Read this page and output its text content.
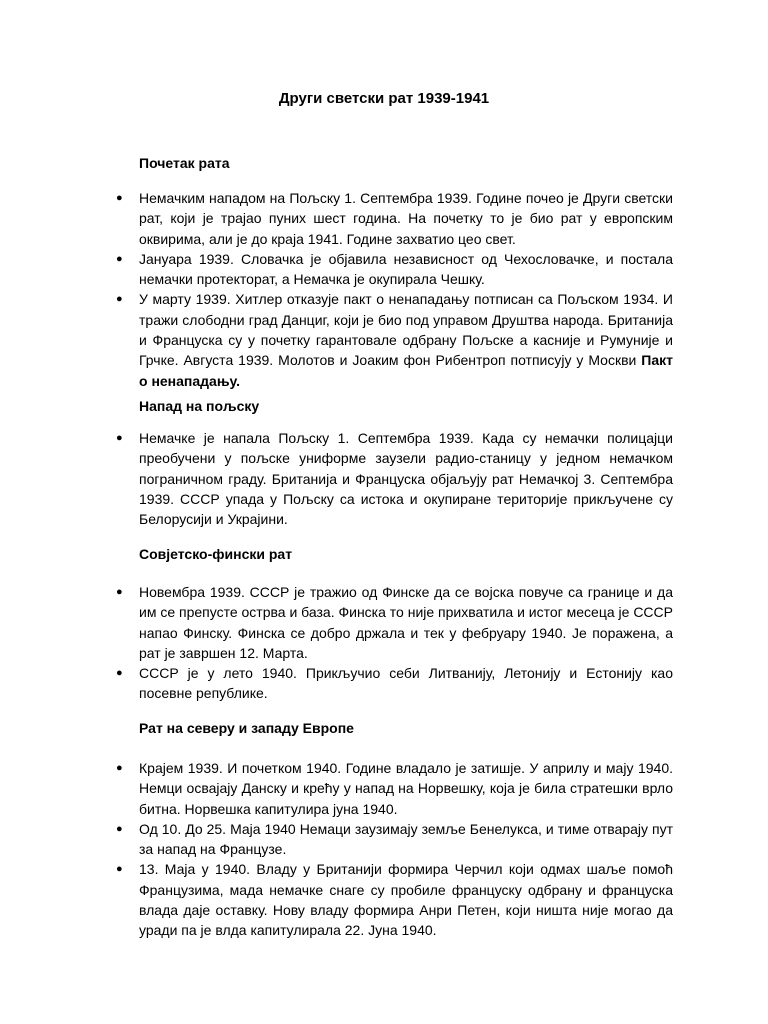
Други светски рат 1939-1941
Почетак рата
● Немачким нападом на Пољску 1. Септембра 1939. Године почео је Други светски рат, који је трајао пуних шест година. На почетку то је био рат у европским оквирима, али је до краја 1941. Године захватио цео свет.
● Јануара 1939. Словачка је објавила независност од Чехословачке, и постала немачки протекторат, а Немачка је окупирала Чешку.
● У марту 1939. Хитлер отказује пакт о ненападању потписан са Пољском 1934. И тражи слободни град Данциг, који је био под управом Друштва народа. Британија и Француска су у почетку гарантовале одбрану Пољске а касније и Румуније и Грчке. Августа 1939. Молотов и Јоаким фон Рибентроп потписују у Москви Пакт о ненападању.
Напад на пољску
● Немачке је напала Пољску 1. Септембра 1939. Када су немачки полицајци преобучени у пољске униформе заузели радио-станицу у једном немачком пограничном граду. Британија и Француска објаљују рат Немачкој 3. Септембра 1939. СССР упада у Пољску са истока и окупиране територије прикључене су Белорусији и Украјини.
Совјетско-фински рат
● Новембра 1939. СССР је тражио од Финске да се војска повуче са границе и да им се препусте острва и база. Финска то није прихватила и истог месеца је СССР напао Финску. Финска се добро држала и тек у фебруару 1940. Је поражена, а рат је завршен 12. Марта.
● СССР је у лето 1940. Прикључио себи Литванију, Летонију и Естонију као посевне републике.
Рат на северу и западу Европе
● Крајем 1939. И почетком 1940. Године владало је затишје. У априлу и мају 1940. Немци освајају Данску и крећу у напад на Норвешку, која је била стратешки врло битна. Норвешка капитулира јуна 1940.
● Од 10. До 25. Маја 1940 Немаци заузимају земље Бенелукса, и тиме отварају пут за напад на Французе.
● 13. Маја у 1940. Владу у Британији формира Черчил који одмах шаље помоћ Французима, мада немачке снаге су пробиле француску одбрану и француска влада даје оставку. Нову владу формира Анри Петен, који ништа није могао да уради па је влда капитулирала 22. Јуна 1940.
